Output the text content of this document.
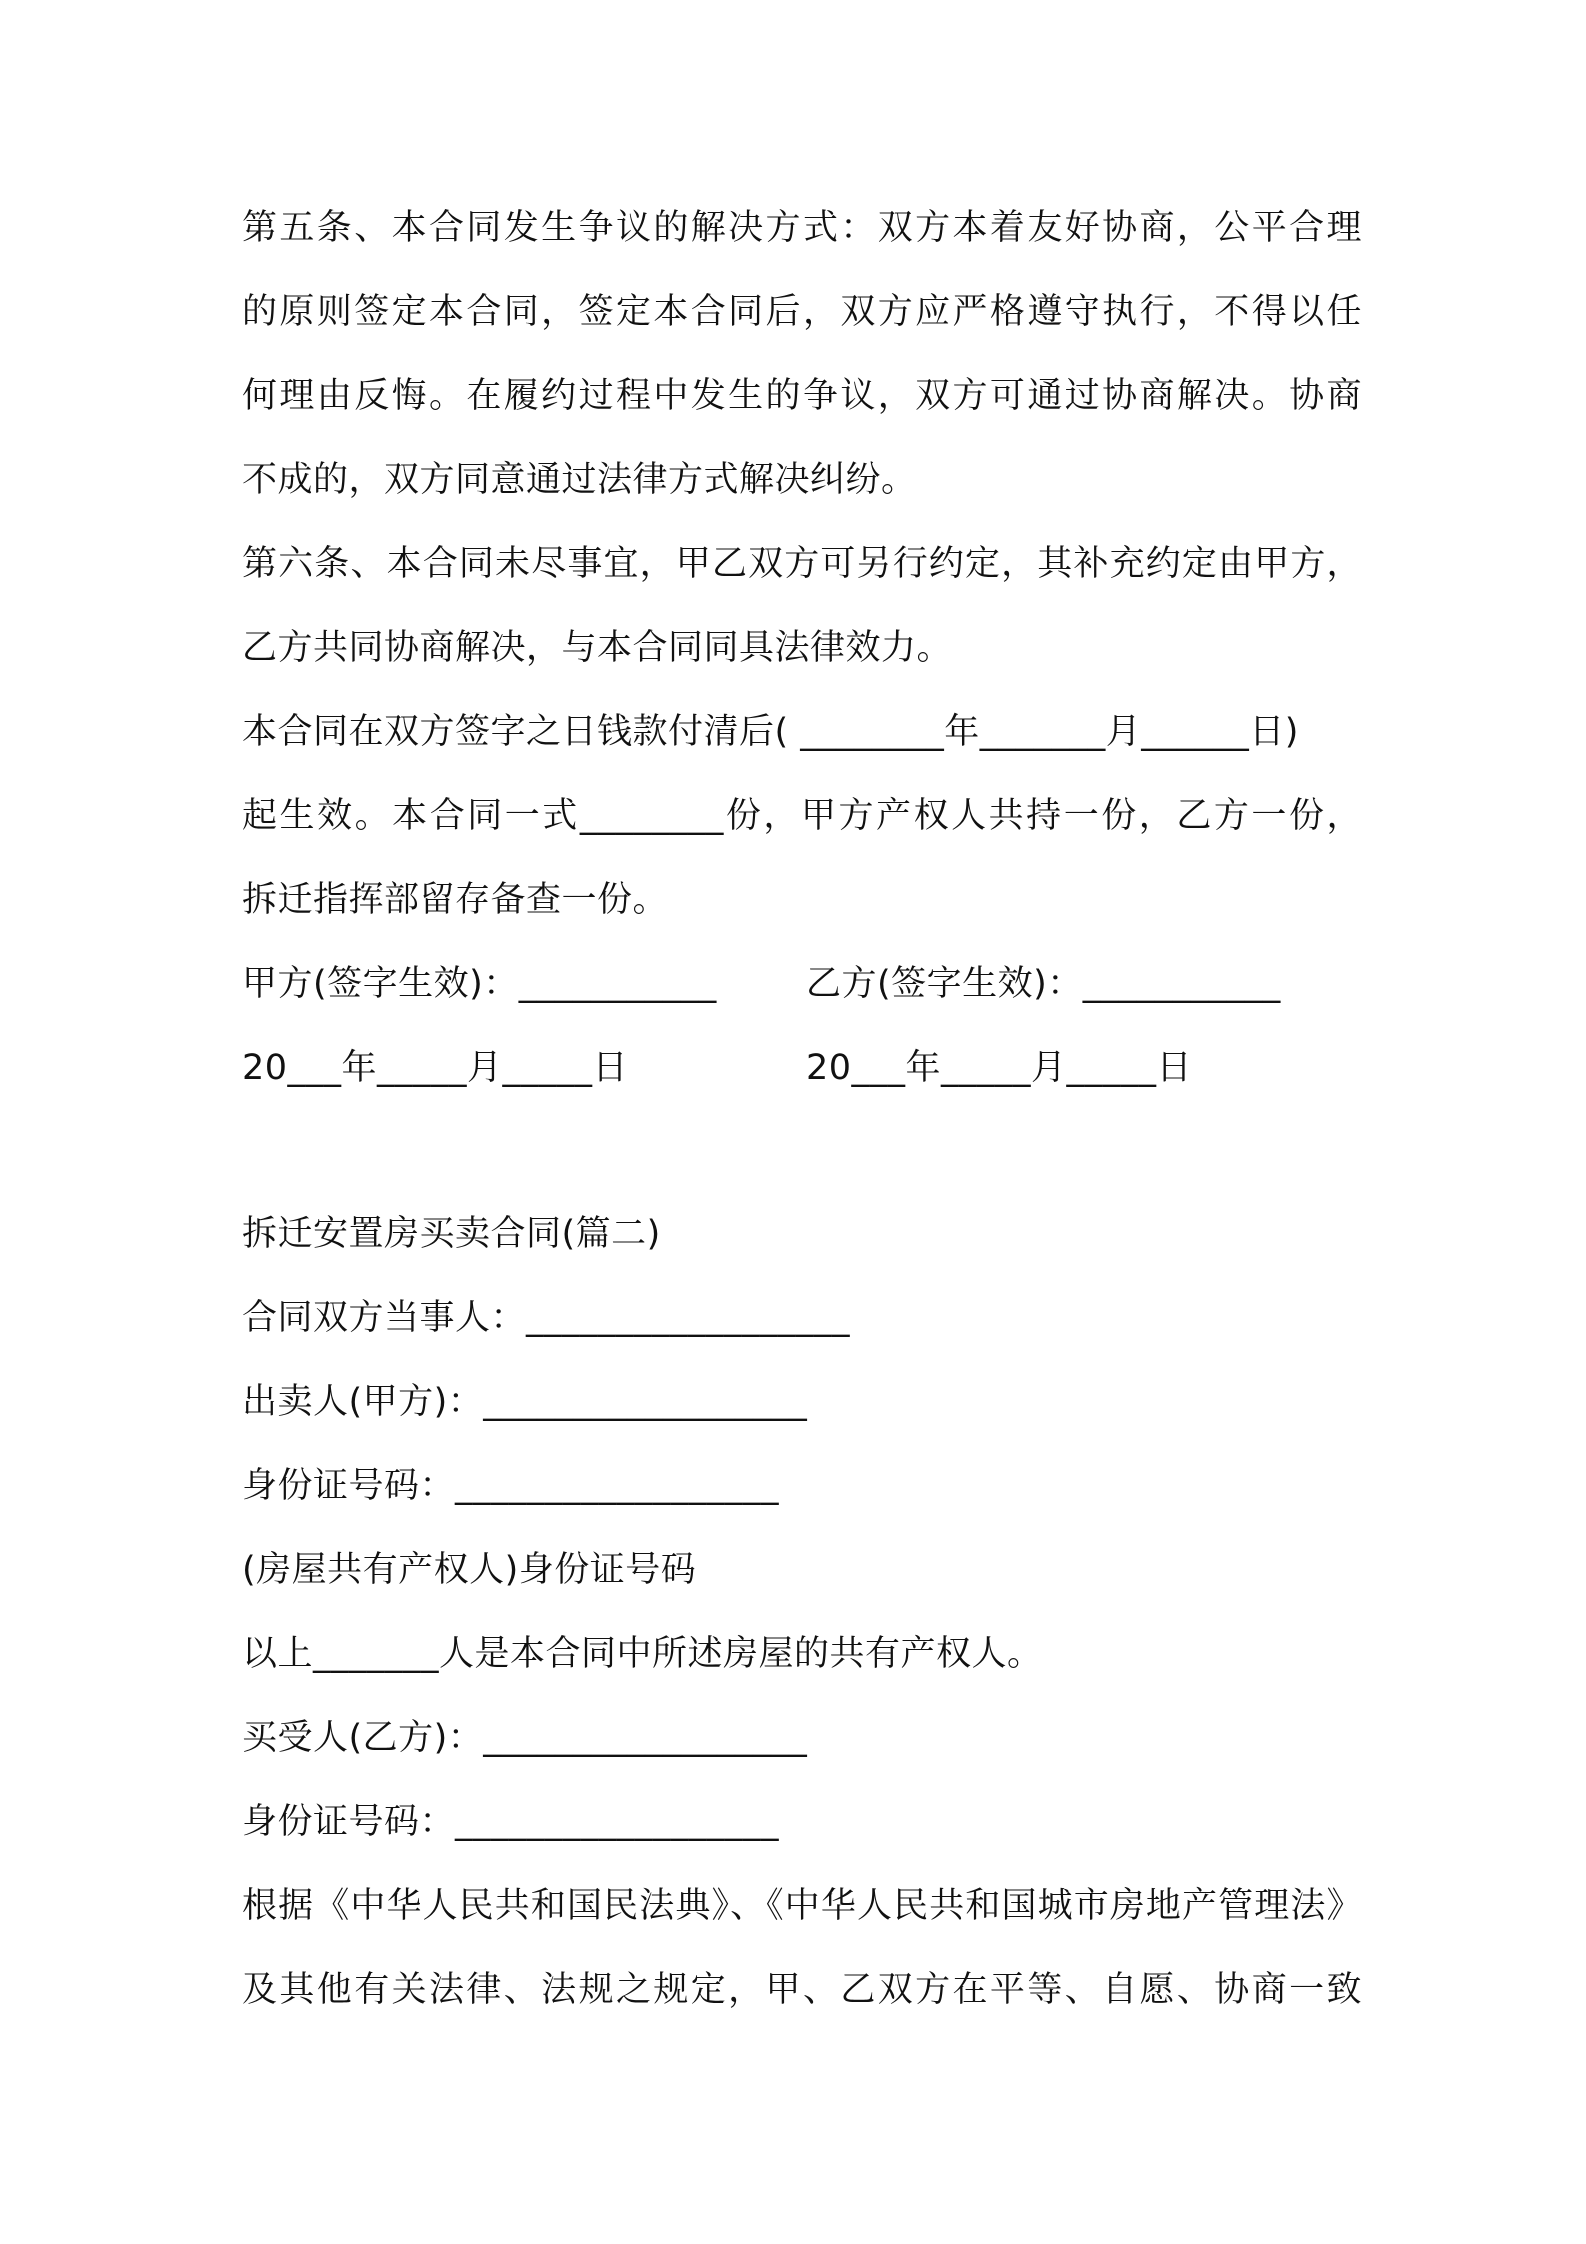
第五条、本合同发生争议的解决方式：双方本着友好协商，公平合理
的原则签定本合同，签定本合同后，双方应严格遵守执行，不得以任
何理由反悔。在履约过程中发生的争议，双方可通过协商解决。协商
不成的，双方同意通过法律方式解决纠纷。
第六条、本合同未尽事宜，甲乙双方可另行约定，其补充约定由甲方，
乙方共同协商解决，与本合同同具法律效力。
本合同在双方签字之日钱款付清后( ________年_______月______日)
起生效。本合同一式________份，甲方产权人共持一份，乙方一份，
拆迁指挥部留存备查一份。
甲方(签字生效)：___________	乙方(签字生效)：___________
20___年_____月_____日	20___年_____月_____日
拆迁安置房买卖合同(篇二)
合同双方当事人：__________________
出卖人(甲方)：__________________
身份证号码：__________________
(房屋共有产权人)身份证号码
以上_______人是本合同中所述房屋的共有产权人。
买受人(乙方)：__________________
身份证号码：__________________
根据《中华人民共和国民法典》、《中华人民共和国城市房地产管理法》
及其他有关法律、法规之规定，甲、乙双方在平等、自愿、协商一致
